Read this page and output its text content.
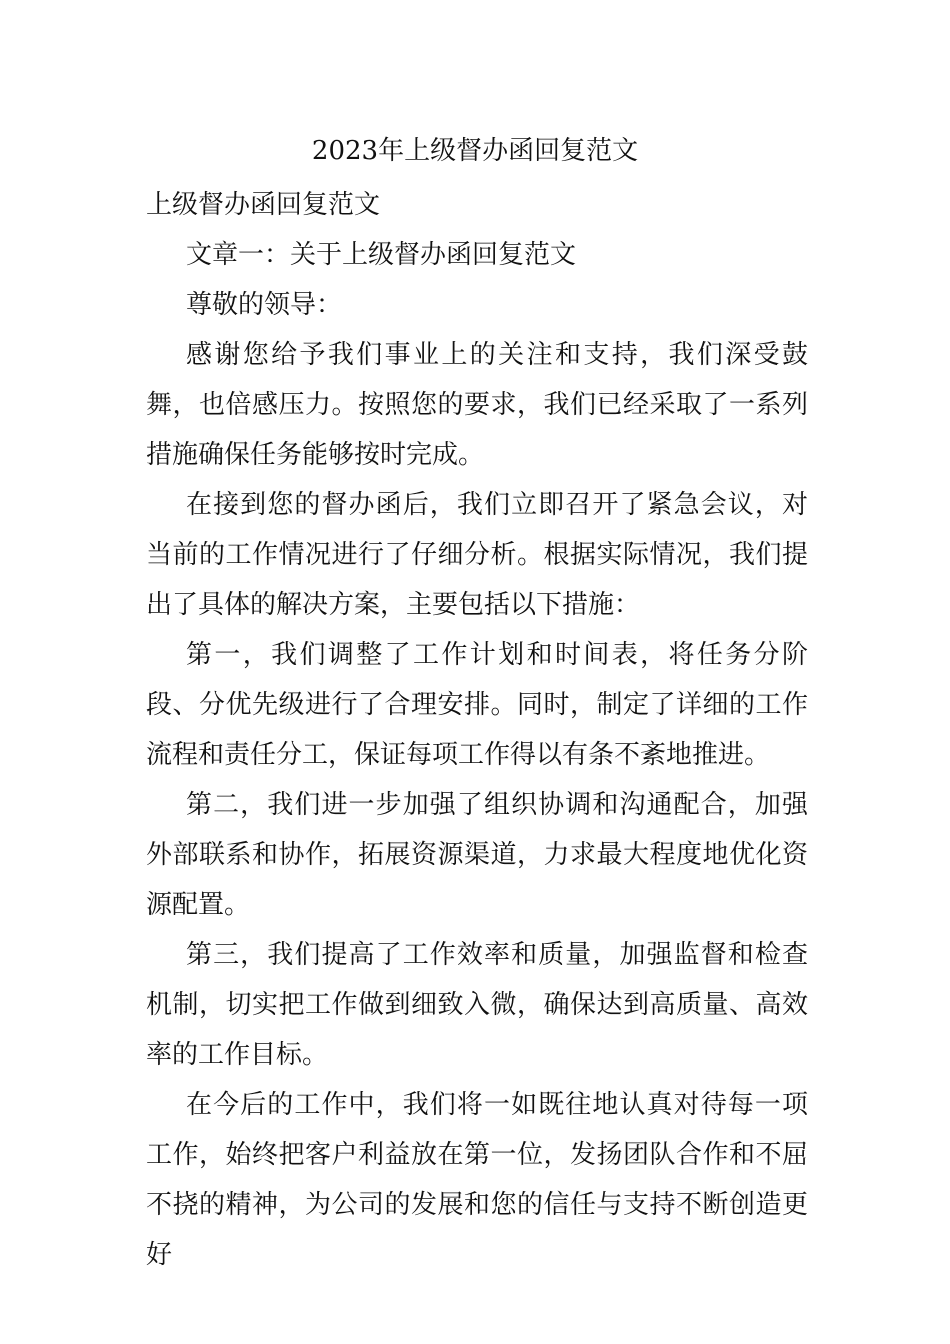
2023年上级督办函回复范文

上级督办函回复范文

文章一：关于上级督办函回复范文

尊敬的领导：

感谢您给予我们事业上的关注和支持，我们深受鼓舞，也倍感压力。按照您的要求，我们已经采取了一系列措施确保任务能够按时完成。

在接到您的督办函后，我们立即召开了紧急会议，对当前的工作情况进行了仔细分析。根据实际情况，我们提出了具体的解决方案，主要包括以下措施：

第一，我们调整了工作计划和时间表，将任务分阶段、分优先级进行了合理安排。同时，制定了详细的工作流程和责任分工，保证每项工作得以有条不紊地推进。

第二，我们进一步加强了组织协调和沟通配合，加强外部联系和协作，拓展资源渠道，力求最大程度地优化资源配置。

第三，我们提高了工作效率和质量，加强监督和检查机制，切实把工作做到细致入微，确保达到高质量、高效率的工作目标。

在今后的工作中，我们将一如既往地认真对待每一项工作，始终把客户利益放在第一位，发扬团队合作和不屈不挠的精神，为公司的发展和您的信任与支持不断创造更好
